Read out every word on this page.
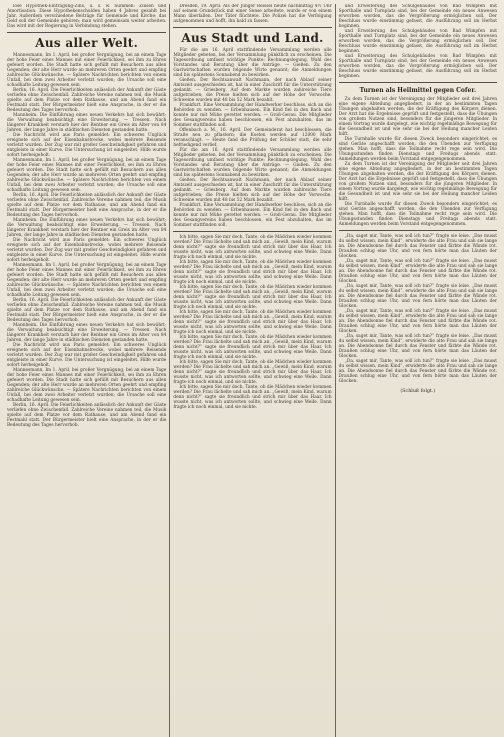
löse Hypothek-Eintragung-Zins, u. s. w. Summen: Zinsen und Amortisation. Diese Hypothekenschulden haben 4 Jahres gezahlt bei Jahr. Außerdem verschiedene Beiträge für Gemeinde und Kirche; das Geld soll der Gemeinde gehören; man wird gemeinsam weiter arbeiten. Das wird mit der Regierung in Verbindung stehen.

Aus aller Welt.

Mannesmann, Im 1. April, bei großer Vergnügung, bei an einem Tage der hohe Feier eines Mannes mit einer Feierlichkeit, sei ihm zu Ehren gefeiert worden. Die Stadt hatte sich gefüllt mit Besuchern aus allen Gegenden; der alte Herr wurde an mehreren Orten geehrt und empfing zahlreiche Glückwünsche. — Spätere Nachrichten berichten von einem Unfall, bei dem zwei Arbeiter verletzt wurden; die Ursache soll eine schadhafte Leitung gewesen sein.

Berlin, 16. April. Die Feierlichkeiten anlässlich der Ankunft der Gäste verliefen ohne Zwischenfall. Zahlreiche Vereine nahmen teil, die Musik spielte auf dem Platze vor dem Rathause, und am Abend fand ein Festmahl statt. Der Bürgermeister hielt eine Ansprache, in der er die Bedeutung des Tages hervorhob.

Mannheim. Die Einführung eines neuen Verkehrs hat sich bewährt; die Verwaltung beabsichtigt eine Erweiterung. — Tressen. Nach längerer Krankheit verstarb hier der Rentner ein Greis im Alter von 84 Jahren, der lange Jahre in städtischen Diensten gestanden hatte.

Die Nachricht wird aus Paris gemeldet: Ein schweres Unglück ereignete sich auf der Eisenbahnstrecke, wobei mehrere Reisende verletzt wurden. Der Zug war mit großer Geschwindigkeit gefahren und entgleiste in einer Kurve. Die Untersuchung ist eingeleitet. Hilfe wurde sofort herbeigeholt.

Mannesmann, Im 1. April, bei großer Vergnügung, bei an einem Tage der hohe Feier eines Mannes mit einer Feierlichkeit, sei ihm zu Ehren gefeiert worden. Die Stadt hatte sich gefüllt mit Besuchern aus allen Gegenden; der alte Herr wurde an mehreren Orten geehrt und empfing zahlreiche Glückwünsche. — Spätere Nachrichten berichten von einem Unfall, bei dem zwei Arbeiter verletzt wurden; die Ursache soll eine schadhafte Leitung gewesen sein.

Berlin, 16. April. Die Feierlichkeiten anlässlich der Ankunft der Gäste verliefen ohne Zwischenfall. Zahlreiche Vereine nahmen teil, die Musik spielte auf dem Platze vor dem Rathause, und am Abend fand ein Festmahl statt. Der Bürgermeister hielt eine Ansprache, in der er die Bedeutung des Tages hervorhob.

Mannheim. Die Einführung eines neuen Verkehrs hat sich bewährt; die Verwaltung beabsichtigt eine Erweiterung. — Tressen. Nach längerer Krankheit verstarb hier der Rentner ein Greis im Alter von 84 Jahren, der lange Jahre in städtischen Diensten gestanden hatte.

Die Nachricht wird aus Paris gemeldet: Ein schweres Unglück ereignete sich auf der Eisenbahnstrecke, wobei mehrere Reisende verletzt wurden. Der Zug war mit großer Geschwindigkeit gefahren und entgleiste in einer Kurve. Die Untersuchung ist eingeleitet. Hilfe wurde sofort herbeigeholt.

Mannesmann, Im 1. April, bei großer Vergnügung, bei an einem Tage der hohe Feier eines Mannes mit einer Feierlichkeit, sei ihm zu Ehren gefeiert worden. Die Stadt hatte sich gefüllt mit Besuchern aus allen Gegenden; der alte Herr wurde an mehreren Orten geehrt und empfing zahlreiche Glückwünsche. — Spätere Nachrichten berichten von einem Unfall, bei dem zwei Arbeiter verletzt wurden; die Ursache soll eine schadhafte Leitung gewesen sein.

Berlin, 16. April. Die Feierlichkeiten anlässlich der Ankunft der Gäste verliefen ohne Zwischenfall. Zahlreiche Vereine nahmen teil, die Musik spielte auf dem Platze vor dem Rathause, und am Abend fand ein Festmahl statt. Der Bürgermeister hielt eine Ansprache, in der er die Bedeutung des Tages hervorhob.

Mannheim. Die Einführung eines neuen Verkehrs hat sich bewährt; die Verwaltung beabsichtigt eine Erweiterung. — Tressen. Nach längerer Krankheit verstarb hier der Rentner ein Greis im Alter von 84 Jahren, der lange Jahre in städtischen Diensten gestanden hatte.

Die Nachricht wird aus Paris gemeldet: Ein schweres Unglück ereignete sich auf der Eisenbahnstrecke, wobei mehrere Reisende verletzt wurden. Der Zug war mit großer Geschwindigkeit gefahren und entgleiste in einer Kurve. Die Untersuchung ist eingeleitet. Hilfe wurde sofort herbeigeholt.

Mannesmann, Im 1. April, bei großer Vergnügung, bei an einem Tage der hohe Feier eines Mannes mit einer Feierlichkeit, sei ihm zu Ehren gefeiert worden. Die Stadt hatte sich gefüllt mit Besuchern aus allen Gegenden; der alte Herr wurde an mehreren Orten geehrt und empfing zahlreiche Glückwünsche. — Spätere Nachrichten berichten von einem Unfall, bei dem zwei Arbeiter verletzt wurden; die Ursache soll eine schadhafte Leitung gewesen sein.

Berlin, 16. April. Die Feierlichkeiten anlässlich der Ankunft der Gäste verliefen ohne Zwischenfall. Zahlreiche Vereine nahmen teil, die Musik spielte auf dem Platze vor dem Rathause, und am Abend fand ein Festmahl statt. Der Bürgermeister hielt eine Ansprache, in der er die Bedeutung des Tages hervorhob.

Dresden, 19. April. Als der Jünger Reissel heute nachmittag 4½ Uhr auf seinem Grundstück mit einer Sense arbeitete, wurde er von einem Mann überfallen. Der Täter flüchtete. Die Polizei hat die Verfolgung aufgenommen und hofft, ihn bald zu fassen.

Aus Stadt und Land.

Für die am 16. April stattfindende Versammlung werden alle Mitglieder gebeten, bei der Versammlung pünktlich zu erscheinen. Die Tagesordnung umfasst wichtige Punkte: Rechnungslegung, Wahl des Vorstandes und Beratung über die Anträge. — Gießen. Zu den Gastwirtschaften wurden folgende Wirte genannt; die Anmeldungen sind bis spätestens Sonnabend zu bewirken.

Gießen. Der Rechtsanwalt Nachmann, der nach Ablauf seiner Amtszeit ausgeschieden ist, hat in einer Zuschrift für die Unterstützung gedankt. — Griesberg. Auf dem Markte wurden zahlreiche Tiere aufgetrieben; die Preise hielten sich auf der Höhe der Vorwoche. Schweine wurden mit 48 bis 52 Mark bezahlt.

Frankfurt. Eine Versammlung der Handwerker beschloss, sich an die Behörden zu wenden. — Erbenhausen. Ein Kind fiel in den Bach und konnte nur mit Mühe gerettet werden. — Groß-Gerau. Die Mitglieder des Gesangvereins haben beschlossen, ein Fest abzuhalten, das im Sommer stattfinden soll.

Offenbach a. M., 16. April. Der Gemeinderat hat beschlossen, die Straße neu zu pflastern; die Kosten werden auf 12000 Mark veranschlagt. — Heute fand die Prüfung der Schüler statt, die sehr befriedigend verlief.

Für die am 16. April stattfindende Versammlung werden alle Mitglieder gebeten, bei der Versammlung pünktlich zu erscheinen. Die Tagesordnung umfasst wichtige Punkte: Rechnungslegung, Wahl des Vorstandes und Beratung über die Anträge. — Gießen. Zu den Gastwirtschaften wurden folgende Wirte genannt; die Anmeldungen sind bis spätestens Sonnabend zu bewirken.

Gießen. Der Rechtsanwalt Nachmann, der nach Ablauf seiner Amtszeit ausgeschieden ist, hat in einer Zuschrift für die Unterstützung gedankt. — Griesberg. Auf dem Markte wurden zahlreiche Tiere aufgetrieben; die Preise hielten sich auf der Höhe der Vorwoche. Schweine wurden mit 48 bis 52 Mark bezahlt.

Frankfurt. Eine Versammlung der Handwerker beschloss, sich an die Behörden zu wenden. — Erbenhausen. Ein Kind fiel in den Bach und konnte nur mit Mühe gerettet werden. — Groß-Gerau. Die Mitglieder des Gesangvereins haben beschlossen, ein Fest abzuhalten, das im Sommer stattfinden soll.

Ich bitte, sagen Sie mir doch, Tante, ob die Mädchen wieder kommen werden? Die Frau lächelte und sah mich an. „Gewiß, mein Kind, warum denn nicht?“ sagte sie freundlich und strich mir über das Haar. Ich wusste nicht, was ich antworten sollte, und schwieg eine Weile. Dann fragte ich noch einmal, und sie nickte.

Ich bitte, sagen Sie mir doch, Tante, ob die Mädchen wieder kommen werden? Die Frau lächelte und sah mich an. „Gewiß, mein Kind, warum denn nicht?“ sagte sie freundlich und strich mir über das Haar. Ich wusste nicht, was ich antworten sollte, und schwieg eine Weile. Dann fragte ich noch einmal, und sie nickte.

Ich bitte, sagen Sie mir doch, Tante, ob die Mädchen wieder kommen werden? Die Frau lächelte und sah mich an. „Gewiß, mein Kind, warum denn nicht?“ sagte sie freundlich und strich mir über das Haar. Ich wusste nicht, was ich antworten sollte, und schwieg eine Weile. Dann fragte ich noch einmal, und sie nickte.

Ich bitte, sagen Sie mir doch, Tante, ob die Mädchen wieder kommen werden? Die Frau lächelte und sah mich an. „Gewiß, mein Kind, warum denn nicht?“ sagte sie freundlich und strich mir über das Haar. Ich wusste nicht, was ich antworten sollte, und schwieg eine Weile. Dann fragte ich noch einmal, und sie nickte.

Ich bitte, sagen Sie mir doch, Tante, ob die Mädchen wieder kommen werden? Die Frau lächelte und sah mich an. „Gewiß, mein Kind, warum denn nicht?“ sagte sie freundlich und strich mir über das Haar. Ich wusste nicht, was ich antworten sollte, und schwieg eine Weile. Dann fragte ich noch einmal, und sie nickte.

Ich bitte, sagen Sie mir doch, Tante, ob die Mädchen wieder kommen werden? Die Frau lächelte und sah mich an. „Gewiß, mein Kind, warum denn nicht?“ sagte sie freundlich und strich mir über das Haar. Ich wusste nicht, was ich antworten sollte, und schwieg eine Weile. Dann fragte ich noch einmal, und sie nickte.

Ich bitte, sagen Sie mir doch, Tante, ob die Mädchen wieder kommen werden? Die Frau lächelte und sah mich an. „Gewiß, mein Kind, warum denn nicht?“ sagte sie freundlich und strich mir über das Haar. Ich wusste nicht, was ich antworten sollte, und schwieg eine Weile. Dann fragte ich noch einmal, und sie nickte.

und Erweiterung des Schulgebäudes von Bad Wimpfen mit Sporthalle und Turnplatz sind, bei der Gemeinde ein neues Anwesen erworben worden, das die Vergrößerung ermöglichen soll. Der Beschluss wurde einstimmig gefasst, die Ausführung soll im Herbst beginnen.

und Erweiterung des Schulgebäudes von Bad Wimpfen mit Sporthalle und Turnplatz sind, bei der Gemeinde ein neues Anwesen erworben worden, das die Vergrößerung ermöglichen soll. Der Beschluss wurde einstimmig gefasst, die Ausführung soll im Herbst beginnen.

und Erweiterung des Schulgebäudes von Bad Wimpfen mit Sporthalle und Turnplatz sind, bei der Gemeinde ein neues Anwesen erworben worden, das die Vergrößerung ermöglichen soll. Der Beschluss wurde einstimmig gefasst, die Ausführung soll im Herbst beginnen.

Turnen als Heilmittel gegen Cofer.

Zu dem Turnen ist der Vereinigung der Mitglieder seit drei Jahren eine eigene Abteilung angegliedert, in der an bestimmten Tagen Übungen abgehalten werden, die der Kräftigung des Körpers dienen. Der Arzt hat die Ergebnisse geprüft und festgestellt, dass die Übungen von großem Nutzen sind, besonders für die jüngeren Mitglieder. In einem Vortrag wurde dargelegt, wie wichtig regelmäßige Bewegung für die Gesundheit ist und wie sehr sie bei der Heilung mancher Leiden hilft.

Die Turnhalle wurde für diesen Zweck besonders eingerichtet; es sind Geräte angeschafft worden, die den Übenden zur Verfügung stehen. Man hofft, dass die Teilnahme recht rege sein wird. Die Übungsstunden finden Dienstags und Freitags abends statt. Anmeldungen werden beim Vorstand entgegengenommen.

Zu dem Turnen ist der Vereinigung der Mitglieder seit drei Jahren eine eigene Abteilung angegliedert, in der an bestimmten Tagen Übungen abgehalten werden, die der Kräftigung des Körpers dienen. Der Arzt hat die Ergebnisse geprüft und festgestellt, dass die Übungen von großem Nutzen sind, besonders für die jüngeren Mitglieder. In einem Vortrag wurde dargelegt, wie wichtig regelmäßige Bewegung für die Gesundheit ist und wie sehr sie bei der Heilung mancher Leiden hilft.

Die Turnhalle wurde für diesen Zweck besonders eingerichtet; es sind Geräte angeschafft worden, die den Übenden zur Verfügung stehen. Man hofft, dass die Teilnahme recht rege sein wird. Die Übungsstunden finden Dienstags und Freitags abends statt. Anmeldungen werden beim Vorstand entgegengenommen.

„Da, saget mir, Tante, was soll ich tun?“ fragte sie leise. „Das musst du selbst wissen, mein Kind“, erwiderte die alte Frau und sah sie lange an. Die Abendsonne fiel durch das Fenster und färbte die Wände rot. Draußen schlug eine Uhr, und von fern hörte man das Läuten der Glocken.

„Da, saget mir, Tante, was soll ich tun?“ fragte sie leise. „Das musst du selbst wissen, mein Kind“, erwiderte die alte Frau und sah sie lange an. Die Abendsonne fiel durch das Fenster und färbte die Wände rot. Draußen schlug eine Uhr, und von fern hörte man das Läuten der Glocken.

„Da, saget mir, Tante, was soll ich tun?“ fragte sie leise. „Das musst du selbst wissen, mein Kind“, erwiderte die alte Frau und sah sie lange an. Die Abendsonne fiel durch das Fenster und färbte die Wände rot. Draußen schlug eine Uhr, und von fern hörte man das Läuten der Glocken.

„Da, saget mir, Tante, was soll ich tun?“ fragte sie leise. „Das musst du selbst wissen, mein Kind“, erwiderte die alte Frau und sah sie lange an. Die Abendsonne fiel durch das Fenster und färbte die Wände rot. Draußen schlug eine Uhr, und von fern hörte man das Läuten der Glocken.

„Da, saget mir, Tante, was soll ich tun?“ fragte sie leise. „Das musst du selbst wissen, mein Kind“, erwiderte die alte Frau und sah sie lange an. Die Abendsonne fiel durch das Fenster und färbte die Wände rot. Draußen schlug eine Uhr, und von fern hörte man das Läuten der Glocken.

„Da, saget mir, Tante, was soll ich tun?“ fragte sie leise. „Das musst du selbst wissen, mein Kind“, erwiderte die alte Frau und sah sie lange an. Die Abendsonne fiel durch das Fenster und färbte die Wände rot. Draußen schlug eine Uhr, und von fern hörte man das Läuten der Glocken.

(Schluß folgt.)
